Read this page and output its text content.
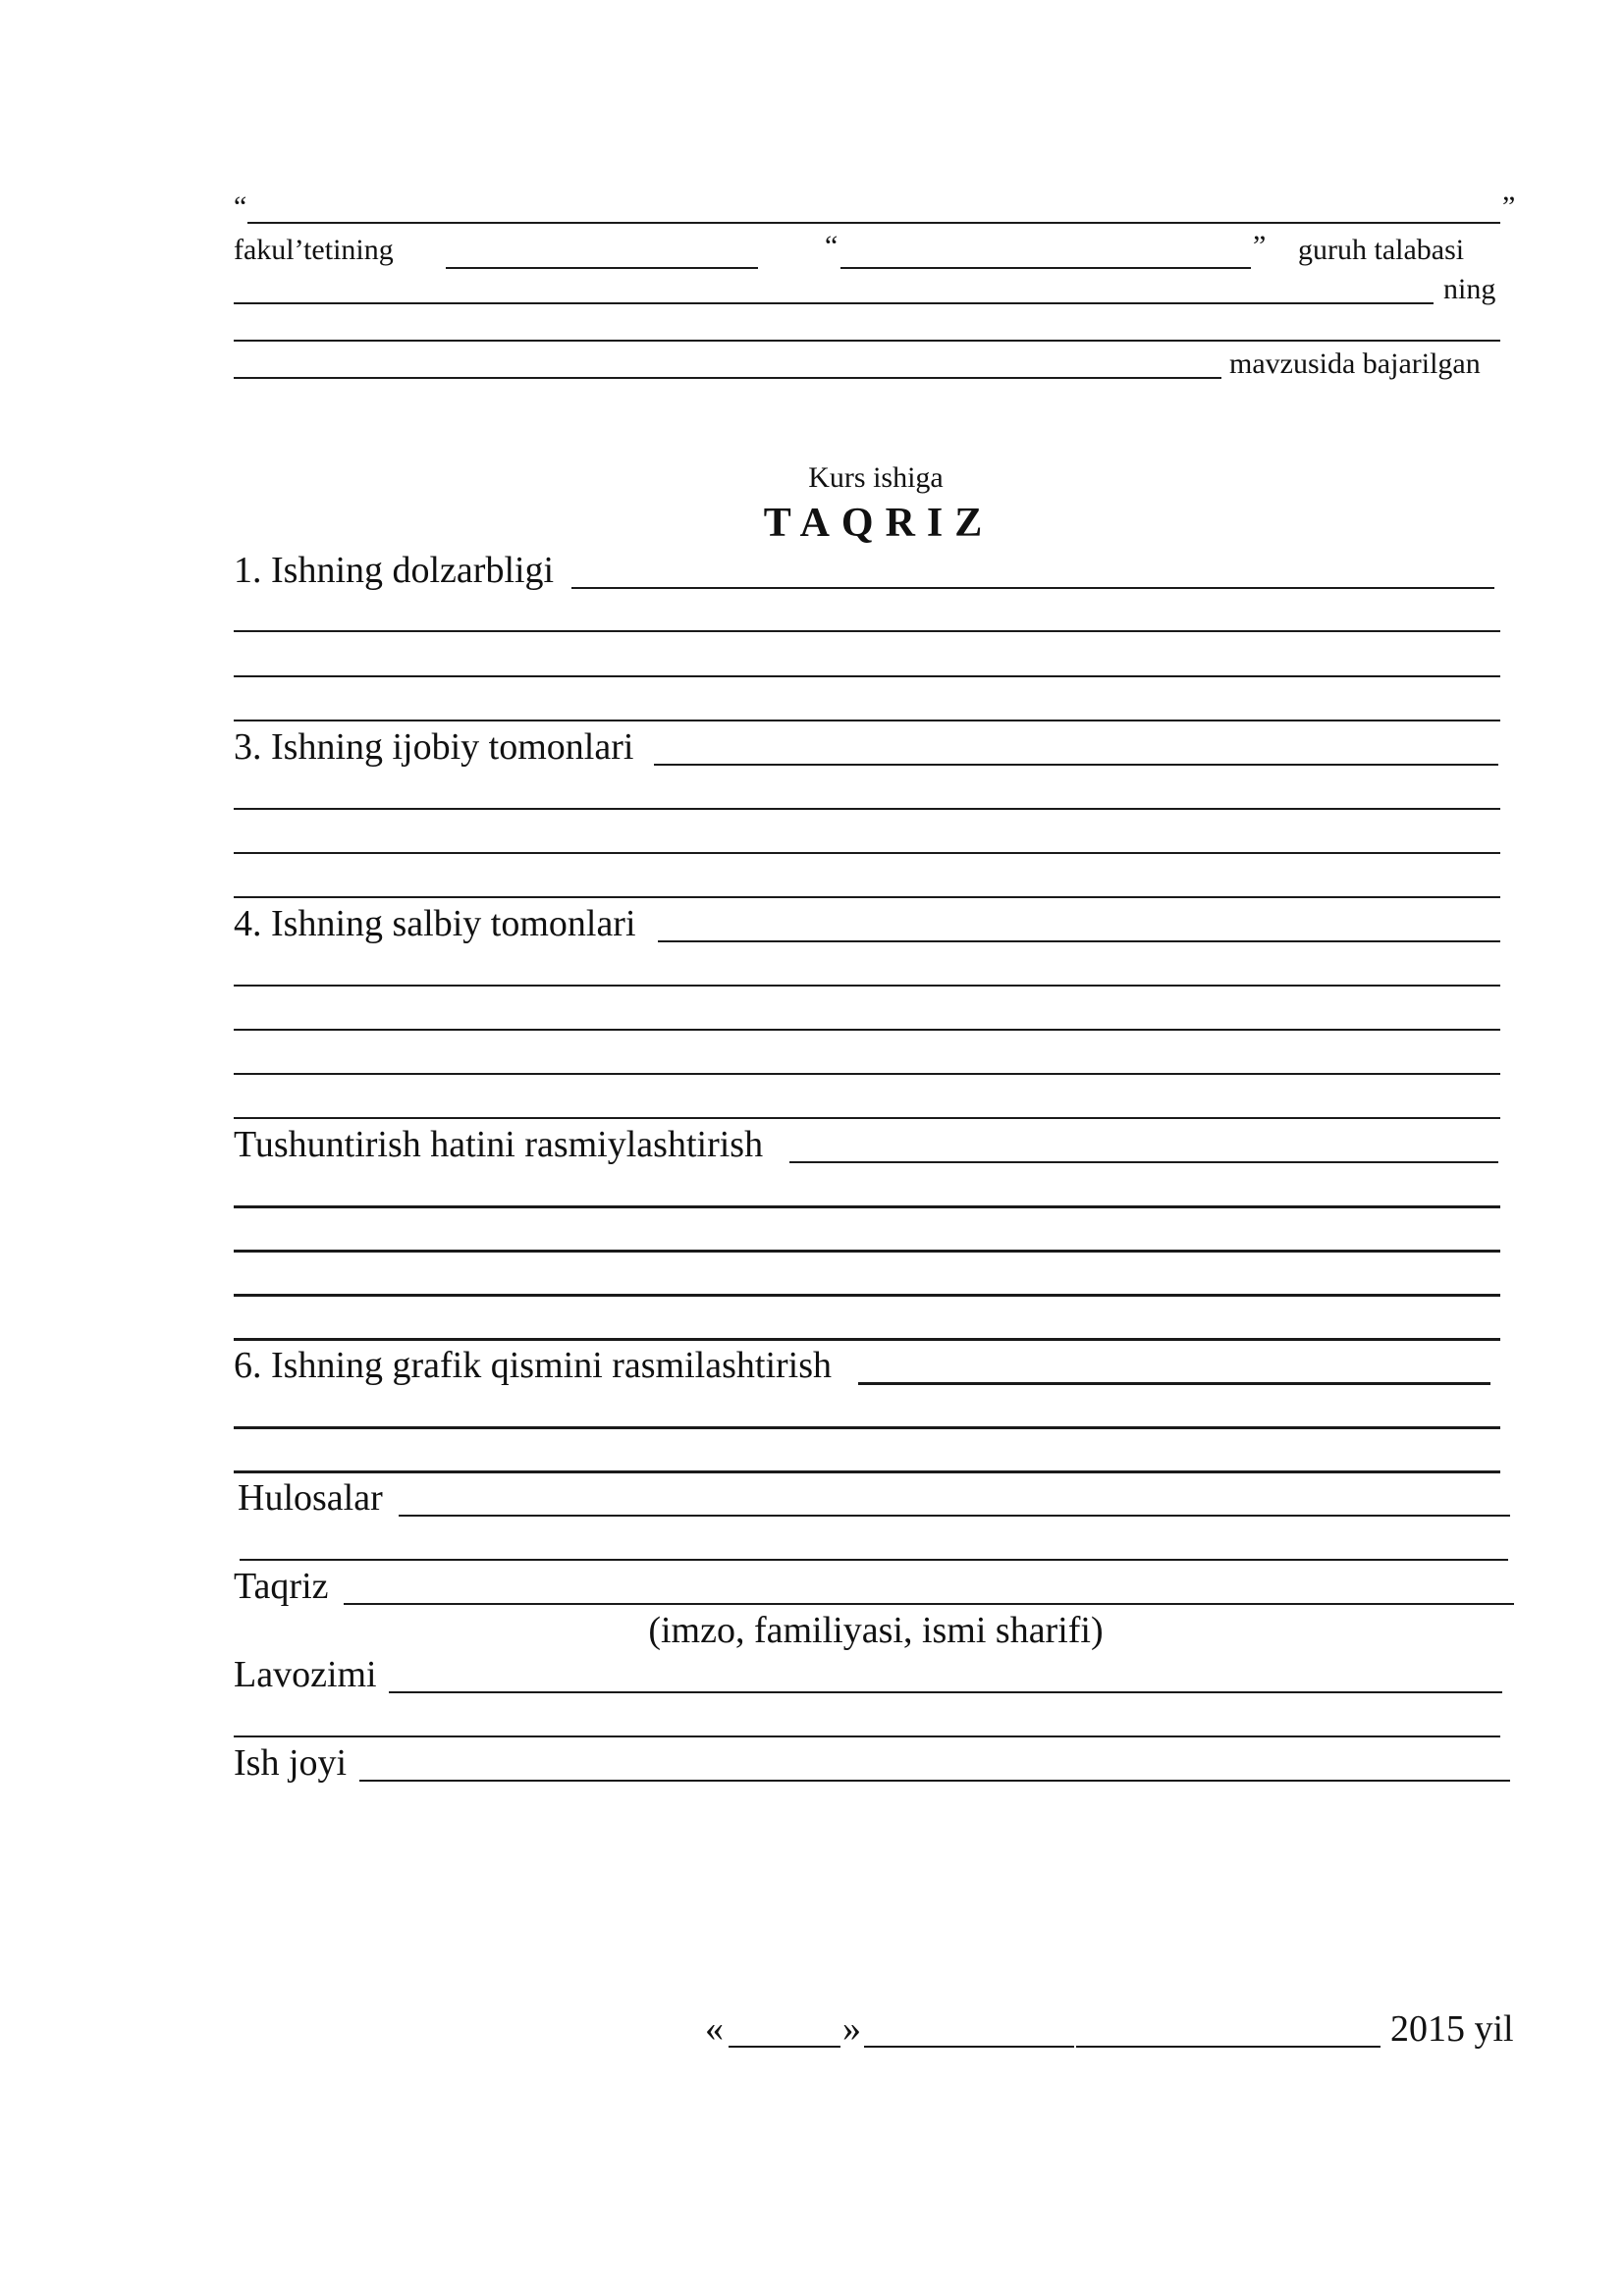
“	”
fakul’tetining	“	” guruh talabasi
ning
mavzusida bajarilgan
Kurs ishiga
TAQRIZ
1. Ishning dolzarbligi
3. Ishning ijobiy tomonlari
4. Ishning salbiy tomonlari
Tushuntirish hatini rasmiylashtirish
6. Ishning grafik qismini rasmilashtirish
Hulosalar
Taqriz
(imzo, familiyasi, ismi sharifi)
Lavozimi
Ish joyi
«	»	2015 yil
